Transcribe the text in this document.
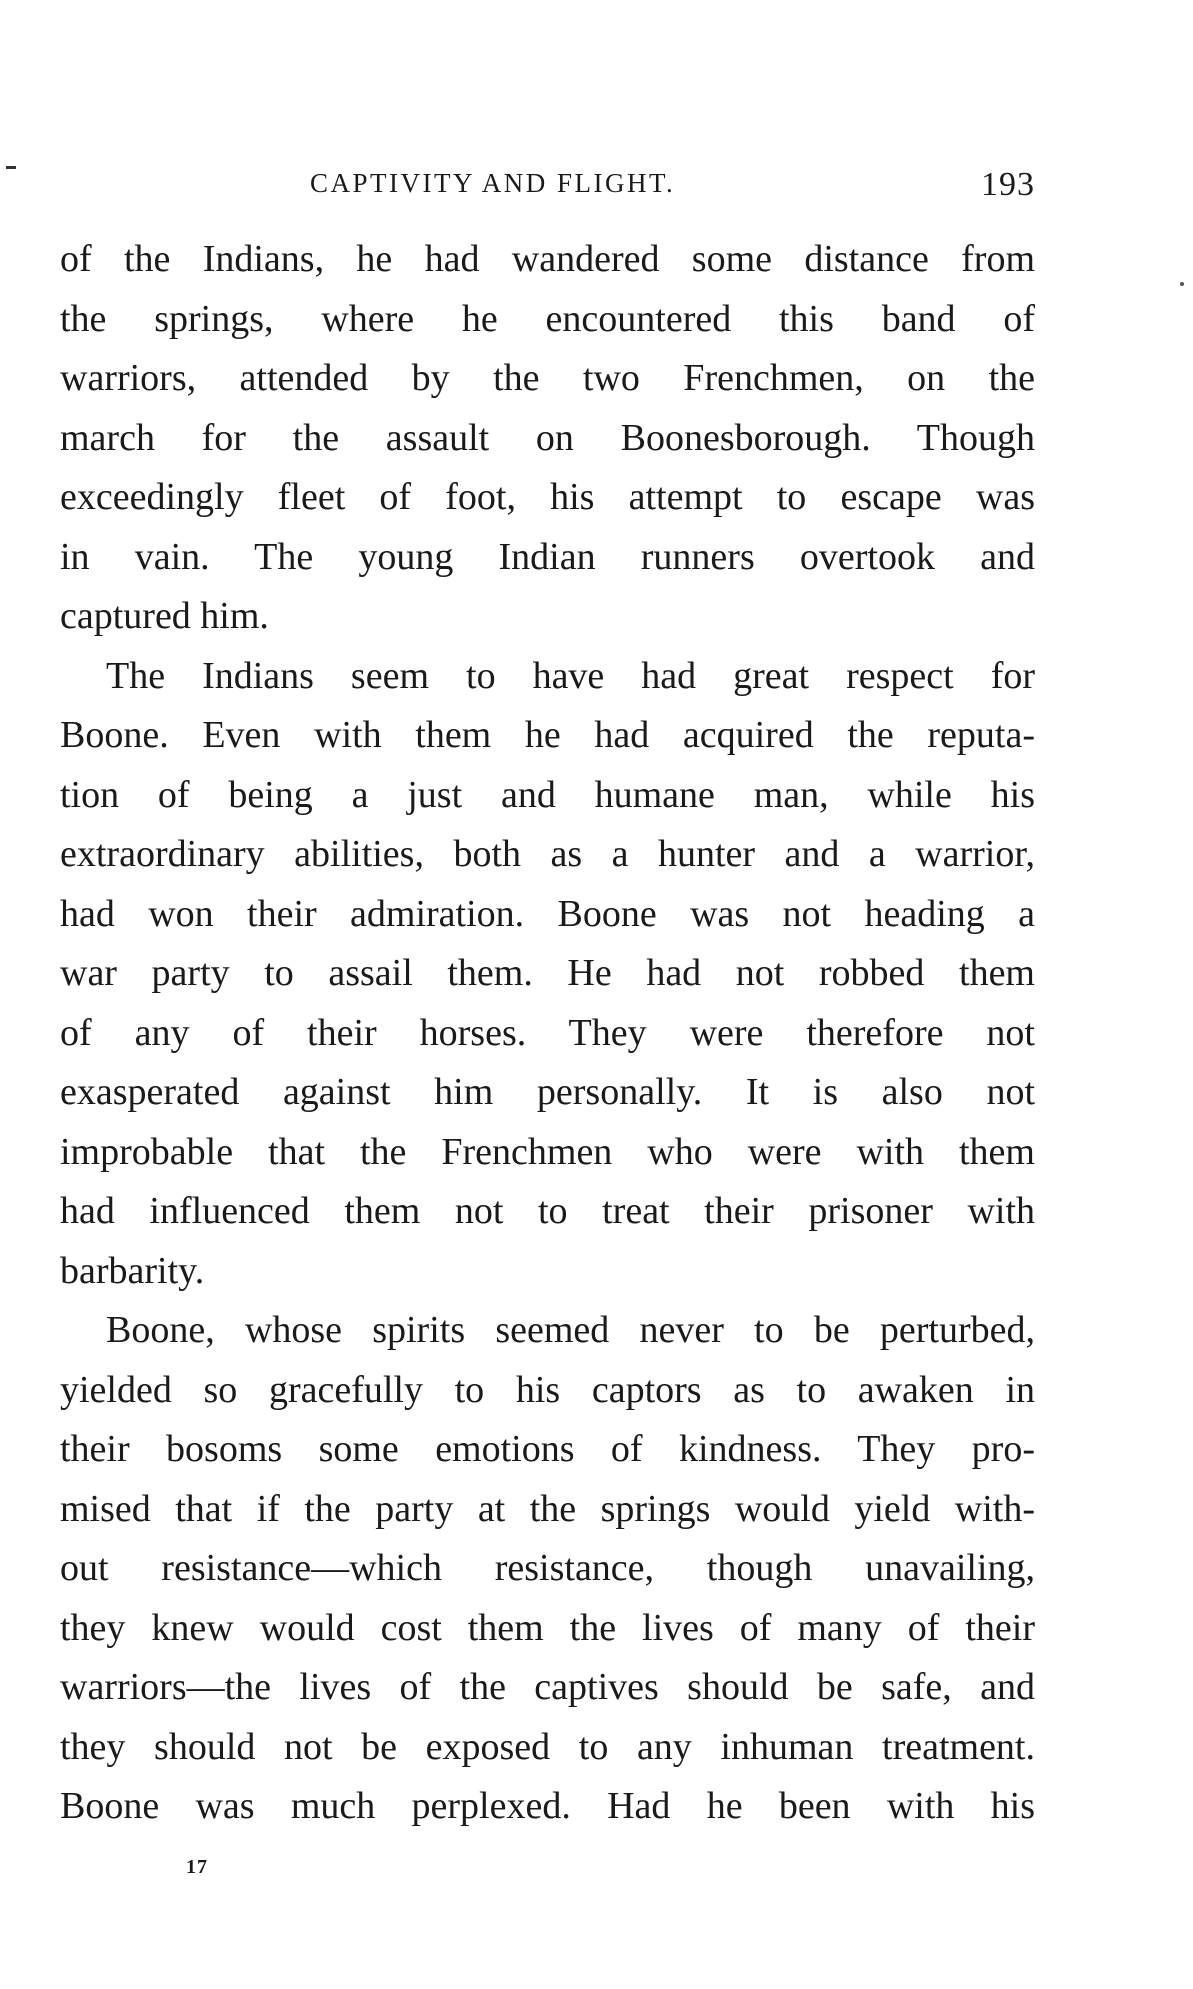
CAPTIVITY AND FLIGHT.	193
of the Indians, he had wandered some distance from
the springs, where he encountered this band of
warriors, attended by the two Frenchmen, on the
march for the assault on Boonesborough. Though
exceedingly fleet of foot, his attempt to escape was
in vain. The young Indian runners overtook and
captured him.
The Indians seem to have had great respect for
Boone. Even with them he had acquired the reputa-
tion of being a just and humane man, while his
extraordinary abilities, both as a hunter and a warrior,
had won their admiration. Boone was not heading a
war party to assail them. He had not robbed them
of any of their horses. They were therefore not
exasperated against him personally. It is also not
improbable that the Frenchmen who were with them
had influenced them not to treat their prisoner with
barbarity.
Boone, whose spirits seemed never to be perturbed,
yielded so gracefully to his captors as to awaken in
their bosoms some emotions of kindness. They pro-
mised that if the party at the springs would yield with-
out resistance—which resistance, though unavailing,
they knew would cost them the lives of many of their
warriors—the lives of the captives should be safe, and
they should not be exposed to any inhuman treatment.
Boone was much perplexed. Had he been with his
17
